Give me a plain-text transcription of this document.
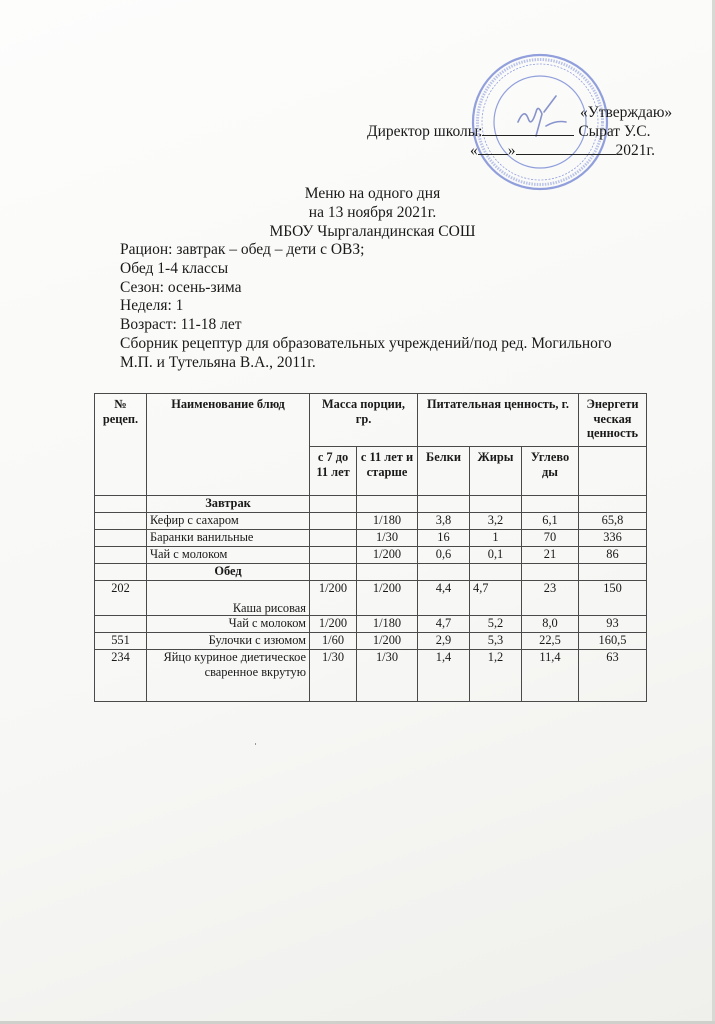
«Утверждаю»
Директор школы:	Сырат У.С.
« »	2021г.
Меню на одного дня
на 13 ноября 2021г.
МБОУ Чыргаландинская СОШ
Рацион: завтрак – обед – дети с ОВЗ;
Обед 1-4 классы
Сезон: осень-зима
Неделя: 1
Возраст: 11-18 лет
Сборник рецептур для образовательных учреждений/под ред. Могильного
М.П. и Тутельяна В.А., 2011г.
№ рецеп.	Наименование блюд	Масса порции, гр.		Питательная ценность, г.			Энергети ческая ценность
		с 7 до 11 лет	с 11 лет и старше	Белки	Жиры	Углево ды	
	Завтрак						
	Кефир с сахаром		1/180	3,8	3,2	6,1	65,8
	Баранки ванильные		1/30	16	1	70	336
	Чай с молоком		1/200	0,6	0,1	21	86
	Обед						
202	Каша рисовая	1/200	1/200	4,4	4,7	23	150
	Чай с молоком	1/200	1/180	4,7	5,2	8,0	93
551	Булочки с изюмом	1/60	1/200	2,9	5,3	22,5	160,5
234	Яйцо куриное диетическое сваренное вкрутую	1/30	1/30	1,4	1,2	11,4	63
